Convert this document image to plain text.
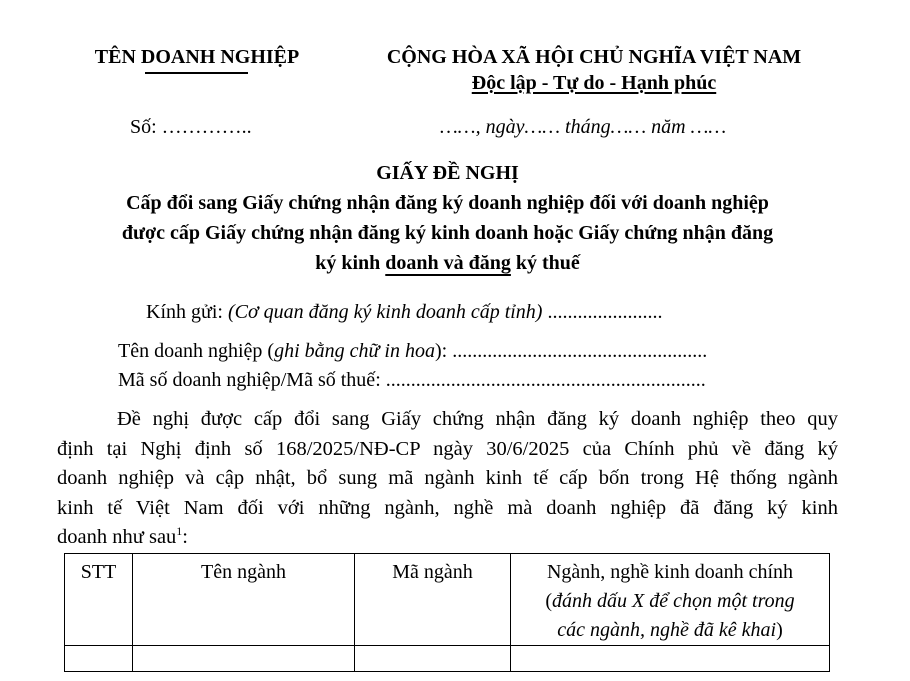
TÊN DOANH NGHIỆP	CỘNG HÒA XÃ HỘI CHỦ NGHĨA VIỆT NAM
Độc lập - Tự do - Hạnh phúc
Số: …………..	……, ngày…… tháng…… năm ……
GIẤY ĐỀ NGHỊ
Cấp đổi sang Giấy chứng nhận đăng ký doanh nghiệp đối với doanh nghiệp
được cấp Giấy chứng nhận đăng ký kinh doanh hoặc Giấy chứng nhận đăng
ký kinh doanh và đăng ký thuế
Kính gửi: (Cơ quan đăng ký kinh doanh cấp tỉnh) .......................
Tên doanh nghiệp (ghi bằng chữ in hoa): ...................................................
Mã số doanh nghiệp/Mã số thuế: ................................................................
Đề nghị được cấp đổi sang Giấy chứng nhận đăng ký doanh nghiệp theo quy
định tại Nghị định số 168/2025/NĐ-CP ngày 30/6/2025 của Chính phủ về đăng ký
doanh nghiệp và cập nhật, bổ sung mã ngành kinh tế cấp bốn trong Hệ thống ngành
kinh tế Việt Nam đối với những ngành, nghề mà doanh nghiệp đã đăng ký kinh
doanh như sau$^1$:
STT	Tên ngành	Mã ngành	Ngành, nghề kinh doanh chính
(đánh dấu X để chọn một trong
các ngành, nghề đã kê khai)
